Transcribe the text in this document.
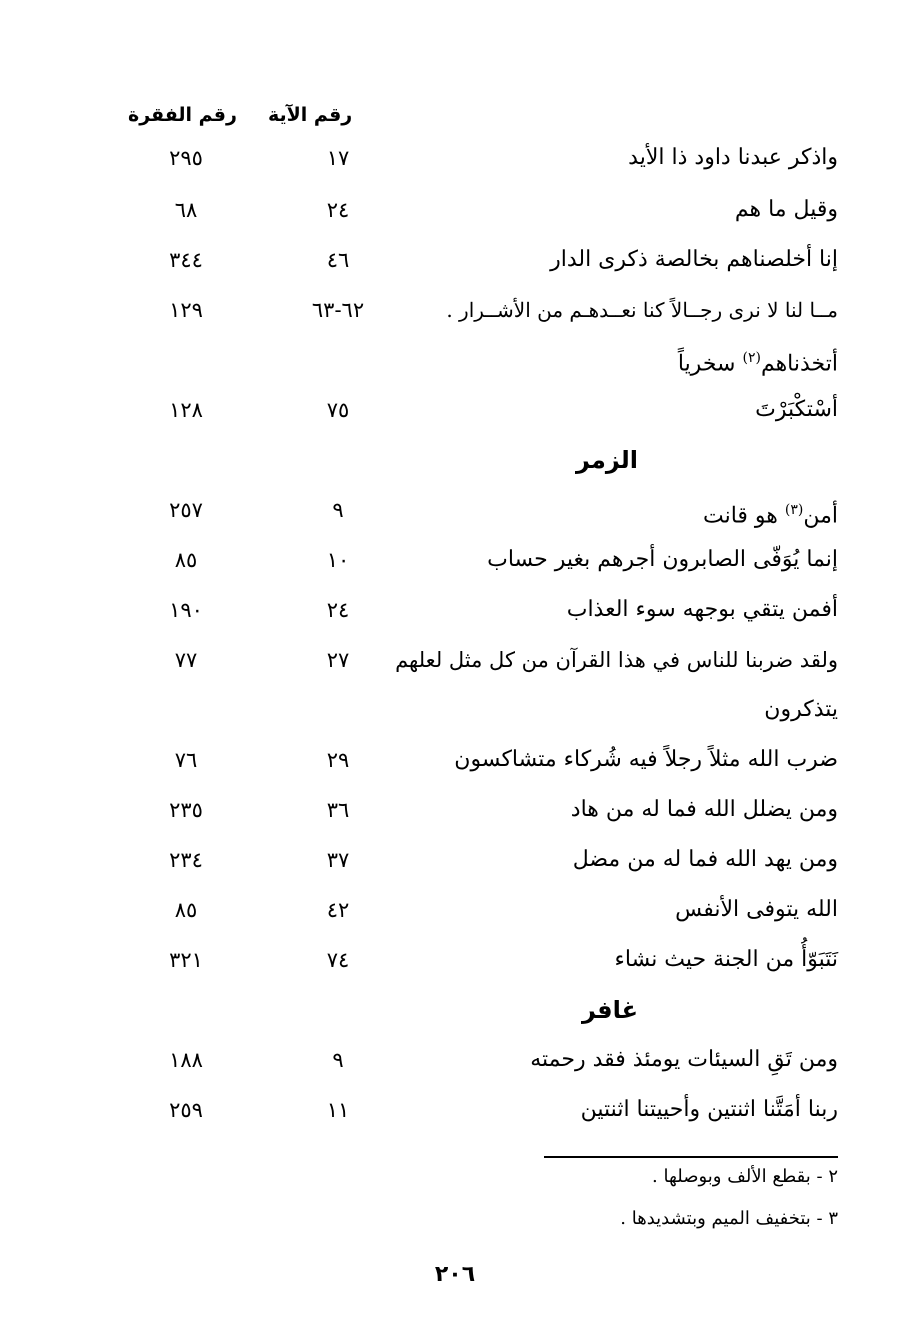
رقم الآية
رقم الفقرة
واذكر عبدنا داود ذا الأيد
١٧
٢٩٥
وقيل ما هم
٢٤
٦٨
إنا أخلصناهم بخالصة ذكرى الدار
٤٦
٣٤٤
مــا لنا لا نرى رجــالاً كنا نعــدهـم من الأشــرار .
٦٢-٦٣
١٢٩
أتخذناهم$^{(٢)}$ سخرياً
أسْتكْبَرْتَ
٧٥
١٢٨
الزمر
أمن$^{(٣)}$ هو قانت
٩
٢٥٧
إنما يُوَفّى الصابرون أجرهم بغير حساب
١٠
٨٥
أفمن يتقي بوجهه سوء العذاب
٢٤
١٩٠
ولقد ضربنا للناس في هذا القرآن من كل مثل لعلهم
٢٧
٧٧
يتذكرون
ضرب الله مثلاً رجلاً فيه شُركاء متشاكسون
٢٩
٧٦
ومن يضلل الله فما له من هاد
٣٦
٢٣٥
ومن يهد الله فما له من مضل
٣٧
٢٣٤
الله يتوفى الأنفس
٤٢
٨٥
نَتَبَوّأُ من الجنة حيث نشاء
٧٤
٣٢١
غافر
ومن تَقِ السيئات يومئذ فقد رحمته
٩
١٨٨
ربنا أمَتَّنا اثنتين وأحييتنا اثنتين
١١
٢٥٩
٢ - بقطع الألف وبوصلها .
٣ - بتخفيف الميم وبتشديدها .
٢٠٦
